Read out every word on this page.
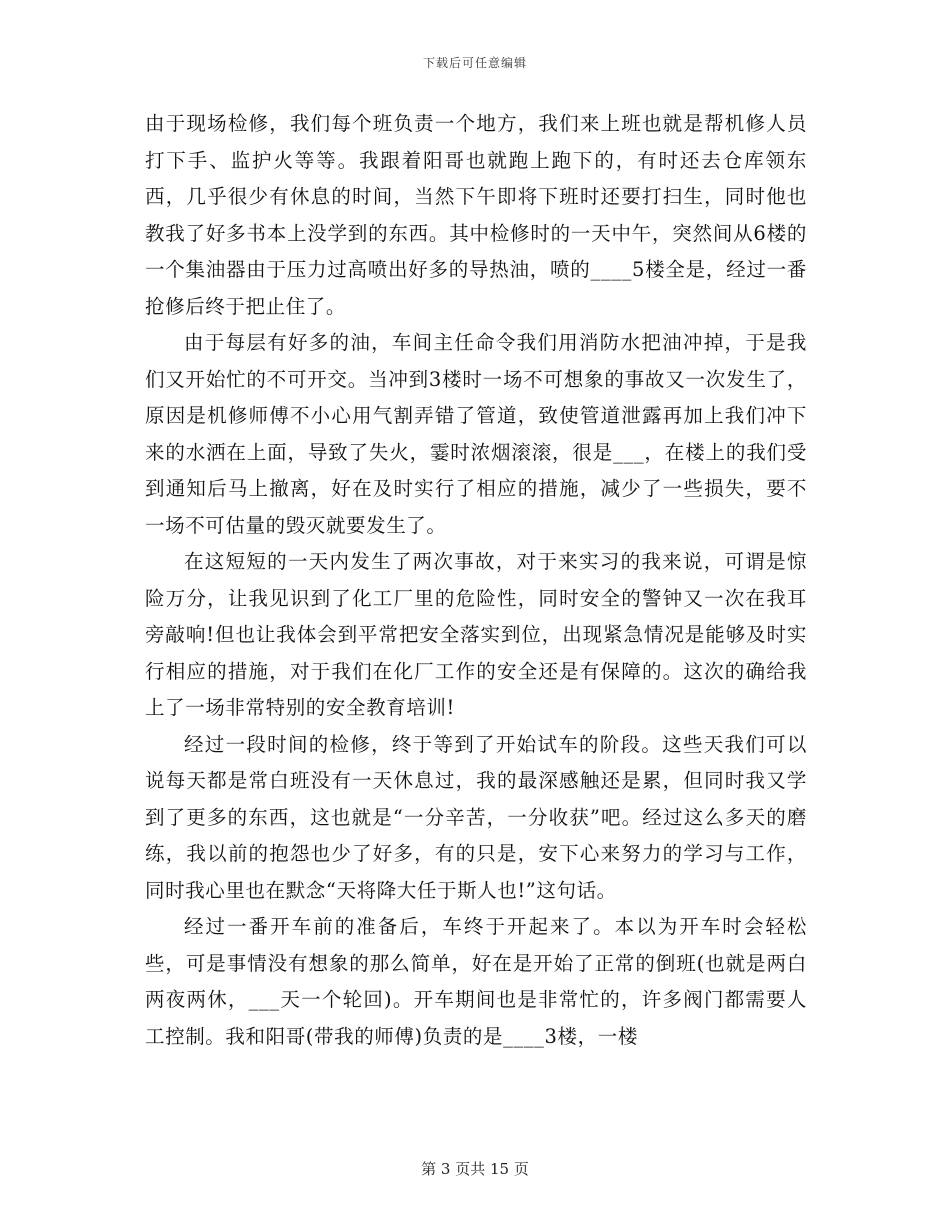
下载后可任意编辑

由于现场检修，我们每个班负责一个地方，我们来上班也就是帮机修人员打下手、监护火等等。我跟着阳哥也就跑上跑下的，有时还去仓库领东西，几乎很少有休息的时间，当然下午即将下班时还要打扫生，同时他也教我了好多书本上没学到的东西。其中检修时的一天中午，突然间从6楼的一个集油器由于压力过高喷出好多的导热油，喷的____5楼全是，经过一番抢修后终于把止住了。

由于每层有好多的油，车间主任命令我们用消防水把油冲掉，于是我们又开始忙的不可开交。当冲到3楼时一场不可想象的事故又一次发生了，原因是机修师傅不小心用气割弄错了管道，致使管道泄露再加上我们冲下来的水洒在上面，导致了失火，霎时浓烟滚滚，很是___，在楼上的我们受到通知后马上撤离，好在及时实行了相应的措施，减少了一些损失，要不一场不可估量的毁灭就要发生了。

在这短短的一天内发生了两次事故，对于来实习的我来说，可谓是惊险万分，让我见识到了化工厂里的危险性，同时安全的警钟又一次在我耳旁敲响!但也让我体会到平常把安全落实到位，出现紧急情况是能够及时实行相应的措施，对于我们在化厂工作的安全还是有保障的。这次的确给我上了一场非常特别的安全教育培训!

经过一段时间的检修，终于等到了开始试车的阶段。这些天我们可以说每天都是常白班没有一天休息过，我的最深感触还是累，但同时我又学到了更多的东西，这也就是“一分辛苦，一分收获”吧。经过这么多天的磨练，我以前的抱怨也少了好多，有的只是，安下心来努力的学习与工作，同时我心里也在默念“天将降大任于斯人也!”这句话。

经过一番开车前的准备后，车终于开起来了。本以为开车时会轻松些，可是事情没有想象的那么简单，好在是开始了正常的倒班(也就是两白两夜两休，___天一个轮回)。开车期间也是非常忙的，许多阀门都需要人工控制。我和阳哥(带我的师傅)负责的是____3楼，一楼

第 3 页共 15 页
